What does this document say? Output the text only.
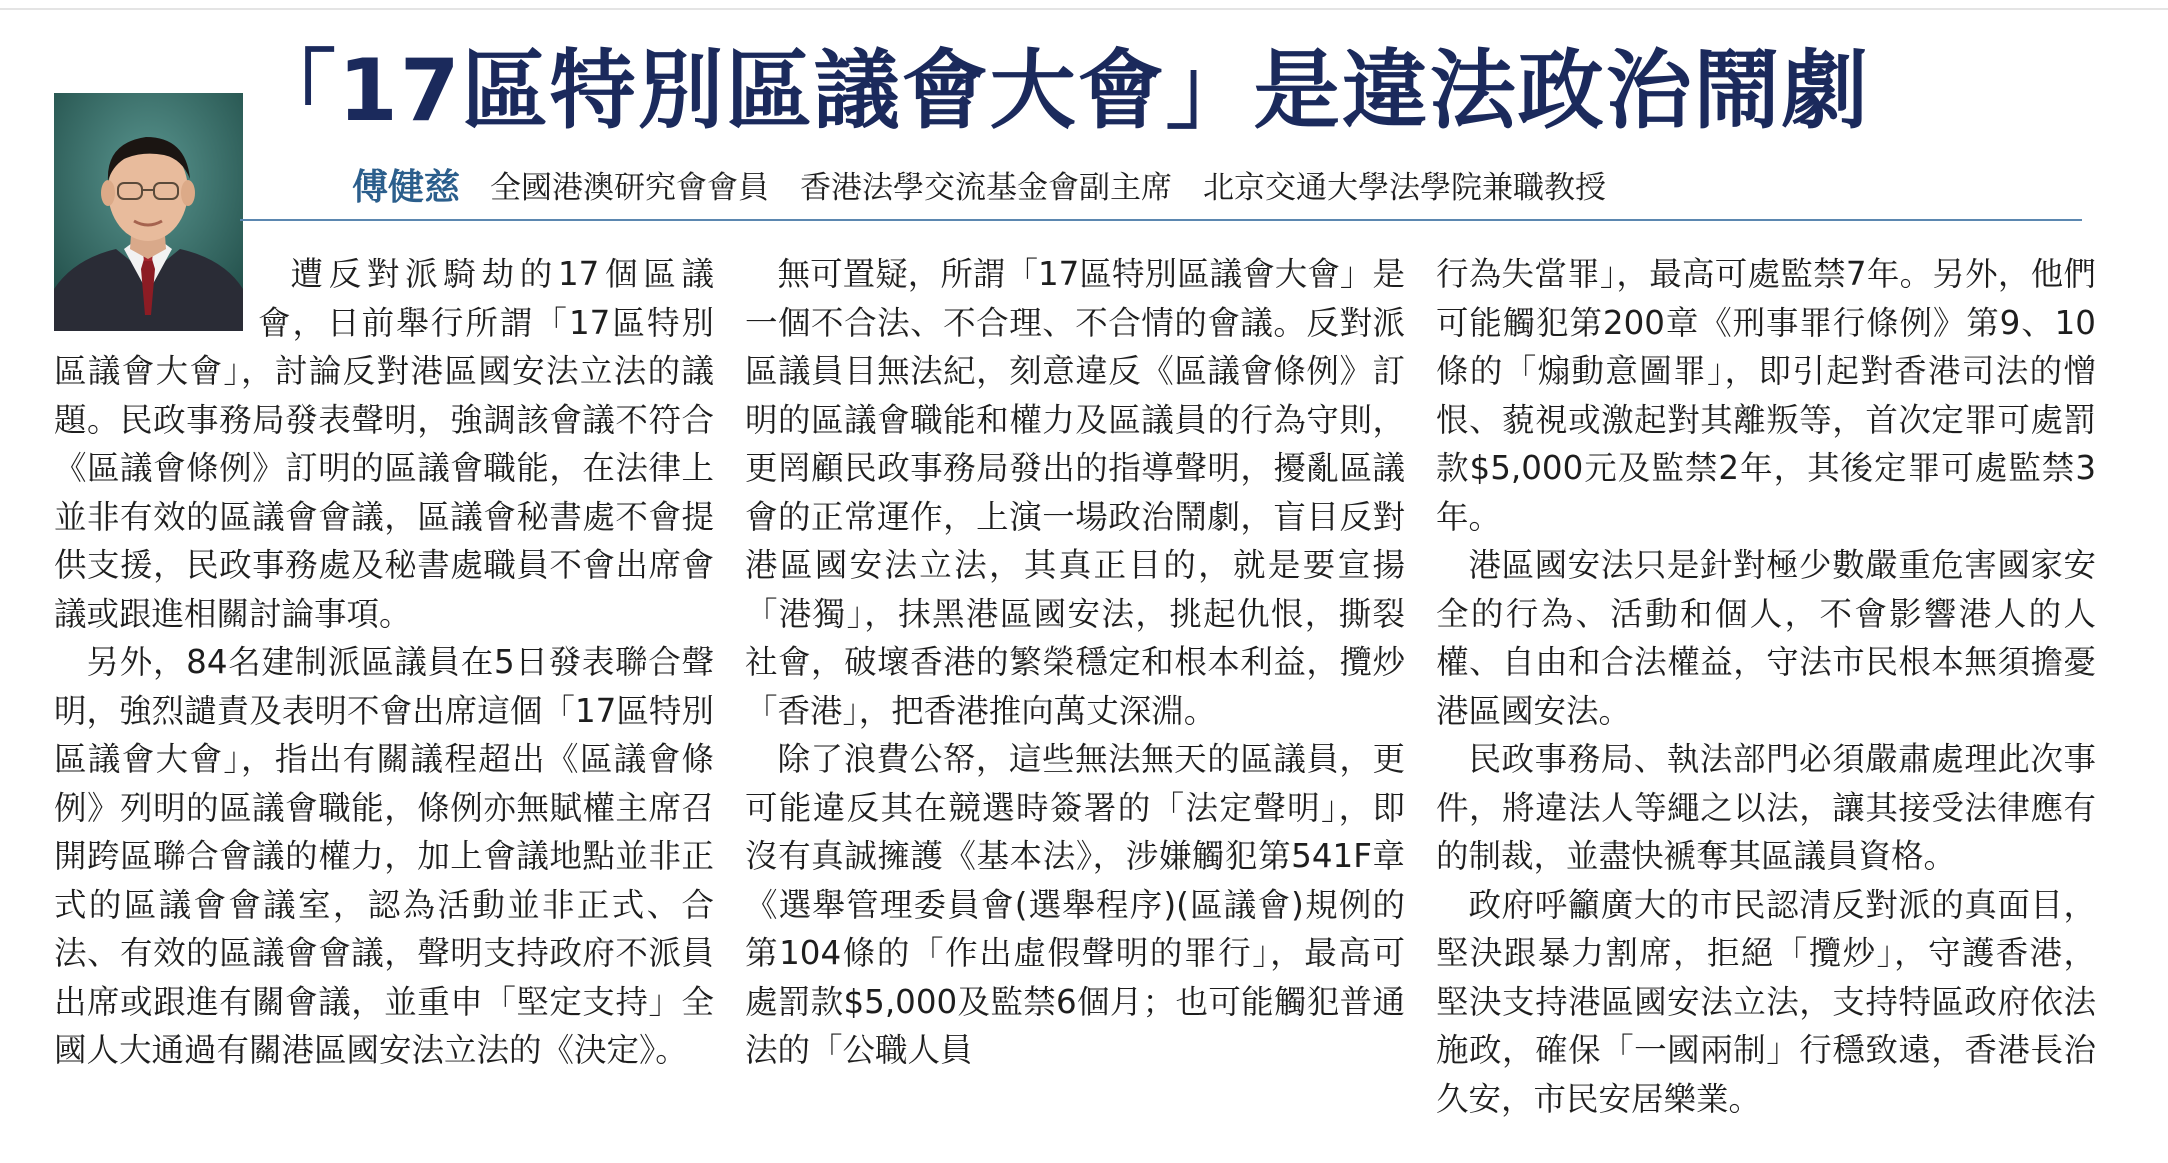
「17區特別區議會大會」是違法政治鬧劇
傅健慈 全國港澳研究會會員　香港法學交流基金會副主席　北京交通大學法學院兼職教授

遭反對派騎劫的17個區議會，日前舉行所謂「17區特別區議會大會」，討論反對港區國安法立法的議題。民政事務局發表聲明，強調該會議不符合《區議會條例》訂明的區議會職能，在法律上並非有效的區議會會議，區議會秘書處不會提供支援，民政事務處及秘書處職員不會出席會議或跟進相關討論事項。

另外，84名建制派區議員在5日發表聯合聲明，強烈譴責及表明不會出席這個「17區特別區議會大會」，指出有關議程超出《區議會條例》列明的區議會職能，條例亦無賦權主席召開跨區聯合會議的權力，加上會議地點並非正式的區議會會議室，認為活動並非正式、合法、有效的區議會會議，聲明支持政府不派員出席或跟進有關會議，並重申「堅定支持」全國人大通過有關港區國安法立法的《決定》。

無可置疑，所謂「17區特別區議會大會」是一個不合法、不合理、不合情的會議。反對派區議員目無法紀，刻意違反《區議會條例》訂明的區議會職能和權力及區議員的行為守則，更罔顧民政事務局發出的指導聲明，擾亂區議會的正常運作，上演一場政治鬧劇，盲目反對港區國安法立法，其真正目的，就是要宣揚「港獨」，抹黑港區國安法，挑起仇恨，撕裂社會，破壞香港的繁榮穩定和根本利益，攬炒「香港」，把香港推向萬丈深淵。

除了浪費公帑，這些無法無天的區議員，更可能違反其在競選時簽署的「法定聲明」，即沒有真誠擁護《基本法》，涉嫌觸犯第541F章《選舉管理委員會(選舉程序)(區議會)規例的第104條的「作出虛假聲明的罪行」，最高可處罰款$5,000及監禁6個月；也可能觸犯普通法的「公職人員

行為失當罪」，最高可處監禁7年。另外，他們可能觸犯第200章《刑事罪行條例》第9、10條的「煽動意圖罪」，即引起對香港司法的憎恨、藐視或激起對其離叛等，首次定罪可處罰款$5,000元及監禁2年，其後定罪可處監禁3年。

港區國安法只是針對極少數嚴重危害國家安全的行為、活動和個人，不會影響港人的人權、自由和合法權益，守法市民根本無須擔憂港區國安法。

民政事務局、執法部門必須嚴肅處理此次事件，將違法人等繩之以法，讓其接受法律應有的制裁，並盡快褫奪其區議員資格。

政府呼籲廣大的市民認清反對派的真面目，堅決跟暴力割席，拒絕「攬炒」，守護香港，堅決支持港區國安法立法，支持特區政府依法施政，確保「一國兩制」行穩致遠，香港長治久安，市民安居樂業。
